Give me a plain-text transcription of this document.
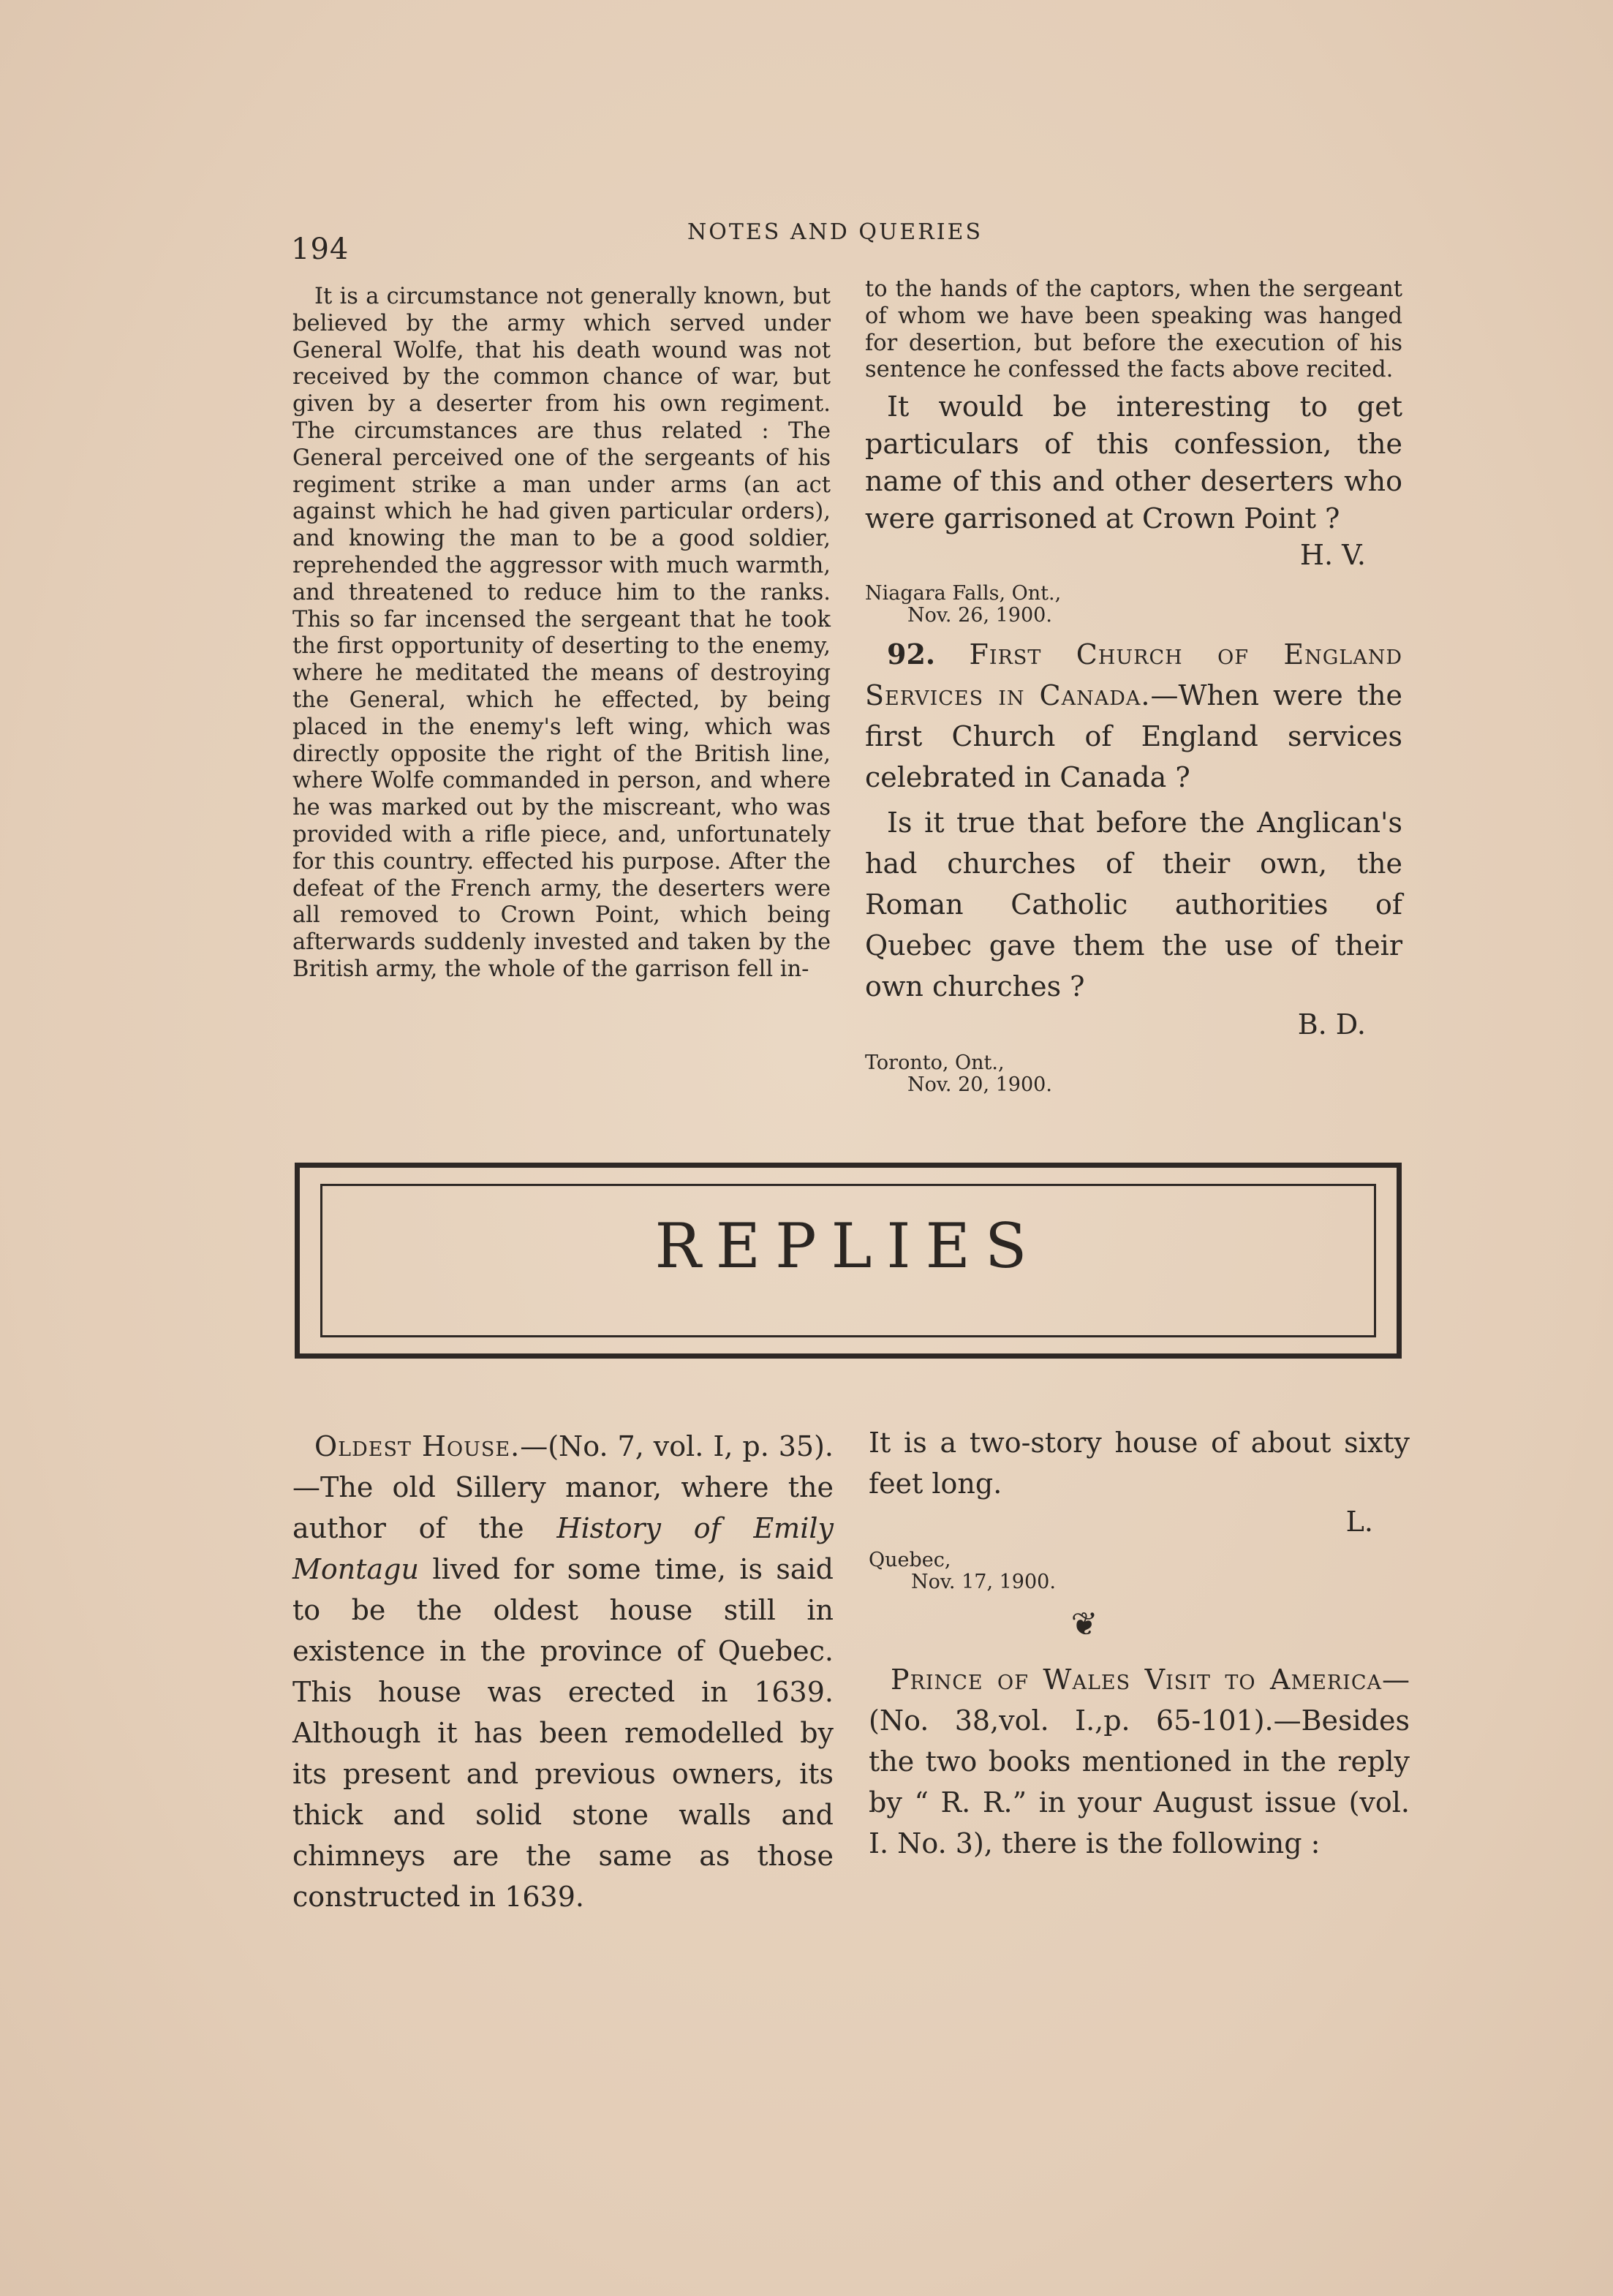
194
NOTES AND QUERIES

It is a circumstance not generally known, but believed by the army which served under General Wolfe, that his death wound was not received by the common chance of war, but given by a deserter from his own regiment. The circumstances are thus related : The General perceived one of the sergeants of his regiment strike a man under arms (an act against which he had given particular orders), and knowing the man to be a good soldier, reprehended the aggressor with much warmth, and threatened to reduce him to the ranks. This so far incensed the sergeant that he took the first opportunity of deserting to the enemy, where he meditated the means of destroying the General, which he effected, by being placed in the enemy's left wing, which was directly opposite the right of the British line, where Wolfe commanded in person, and where he was marked out by the miscreant, who was provided with a rifle piece, and, unfortunately for this country. effected his purpose. After the defeat of the French army, the deserters were all removed to Crown Point, which being afterwards suddenly invested and taken by the British army, the whole of the garrison fell in-

to the hands of the captors, when the sergeant of whom we have been speaking was hanged for desertion, but before the execution of his sentence he confessed the facts above recited.

It would be interesting to get particulars of this confession, the name of this and other deserters who were garrisoned at Crown Point ?

H. V.

Niagara Falls, Ont.,
Nov. 26, 1900.

92. First Church of England Services in Canada.—When were the first Church of England services celebrated in Canada ?

Is it true that before the Anglican's had churches of their own, the Roman Catholic authorities of Quebec gave them the use of their own churches ?

B. D.

Toronto, Ont.,
Nov. 20, 1900.

REPLIES

Oldest House.—(No. 7, vol. I, p. 35).—The old Sillery manor, where the author of the History of Emily Montagu lived for some time, is said to be the oldest house still in existence in the province of Quebec. This house was erected in 1639. Although it has been remodelled by its present and previous owners, its thick and solid stone walls and chimneys are the same as those constructed in 1639.

It is a two-story house of about sixty feet long.

L.

Quebec,
Nov. 17, 1900.

❦

Prince of Wales Visit to America—(No. 38,vol. I.,p. 65-101).—Besides the two books mentioned in the reply by “ R. R.” in your August issue (vol. I. No. 3), there is the following :
